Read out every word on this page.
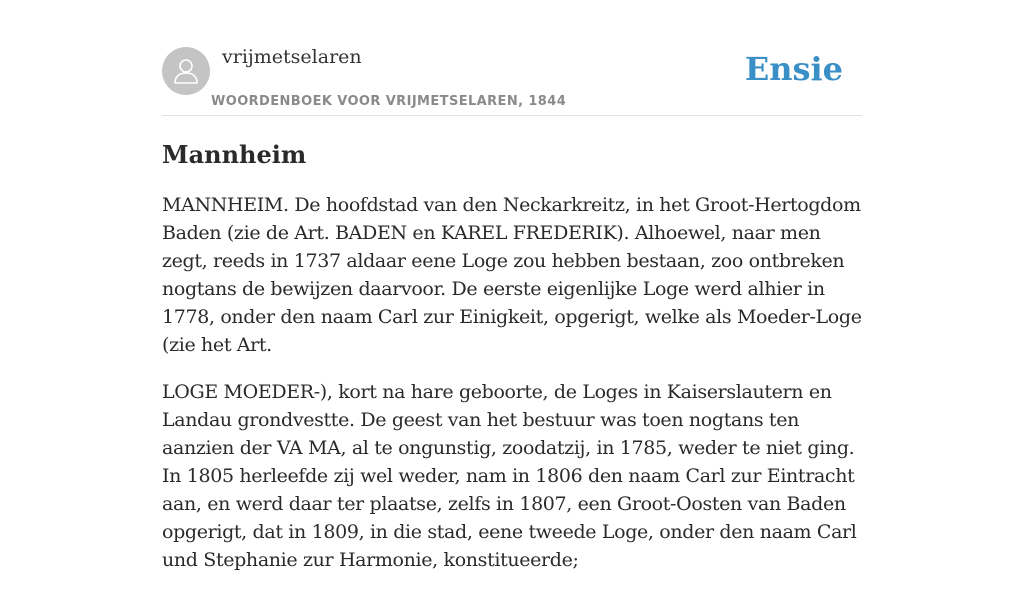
vrijmetselaren
WOORDENBOEK VOOR VRIJMETSELAREN, 1844
Ensie
Mannheim

MANNHEIM. De hoofdstad van den Neckarkreitz, in het Groot-Hertogdom Baden (zie de Art. BADEN en KAREL FREDERIK). Alhoewel, naar men zegt, reeds in 1737 aldaar eene Loge zou hebben bestaan, zoo ontbreken nogtans de bewijzen daarvoor. De eerste eigenlijke Loge werd alhier in 1778, onder den naam Carl zur Einigkeit, opgerigt, welke als Moeder-Loge (zie het Art.

LOGE MOEDER-), kort na hare geboorte, de Loges in Kaiserslautern en Landau grondvestte. De geest van het bestuur was toen nogtans ten aanzien der VA MA, al te ongunstig, zoodatzij, in 1785, weder te niet ging. In 1805 herleefde zij wel weder, nam in 1806 den naam Carl zur Eintracht aan, en werd daar ter plaatse, zelfs in 1807, een Groot-Oosten van Baden opgerigt, dat in 1809, in die stad, eene tweede Loge, onder den naam Carl und Stephanie zur Harmonie, konstitueerde;
